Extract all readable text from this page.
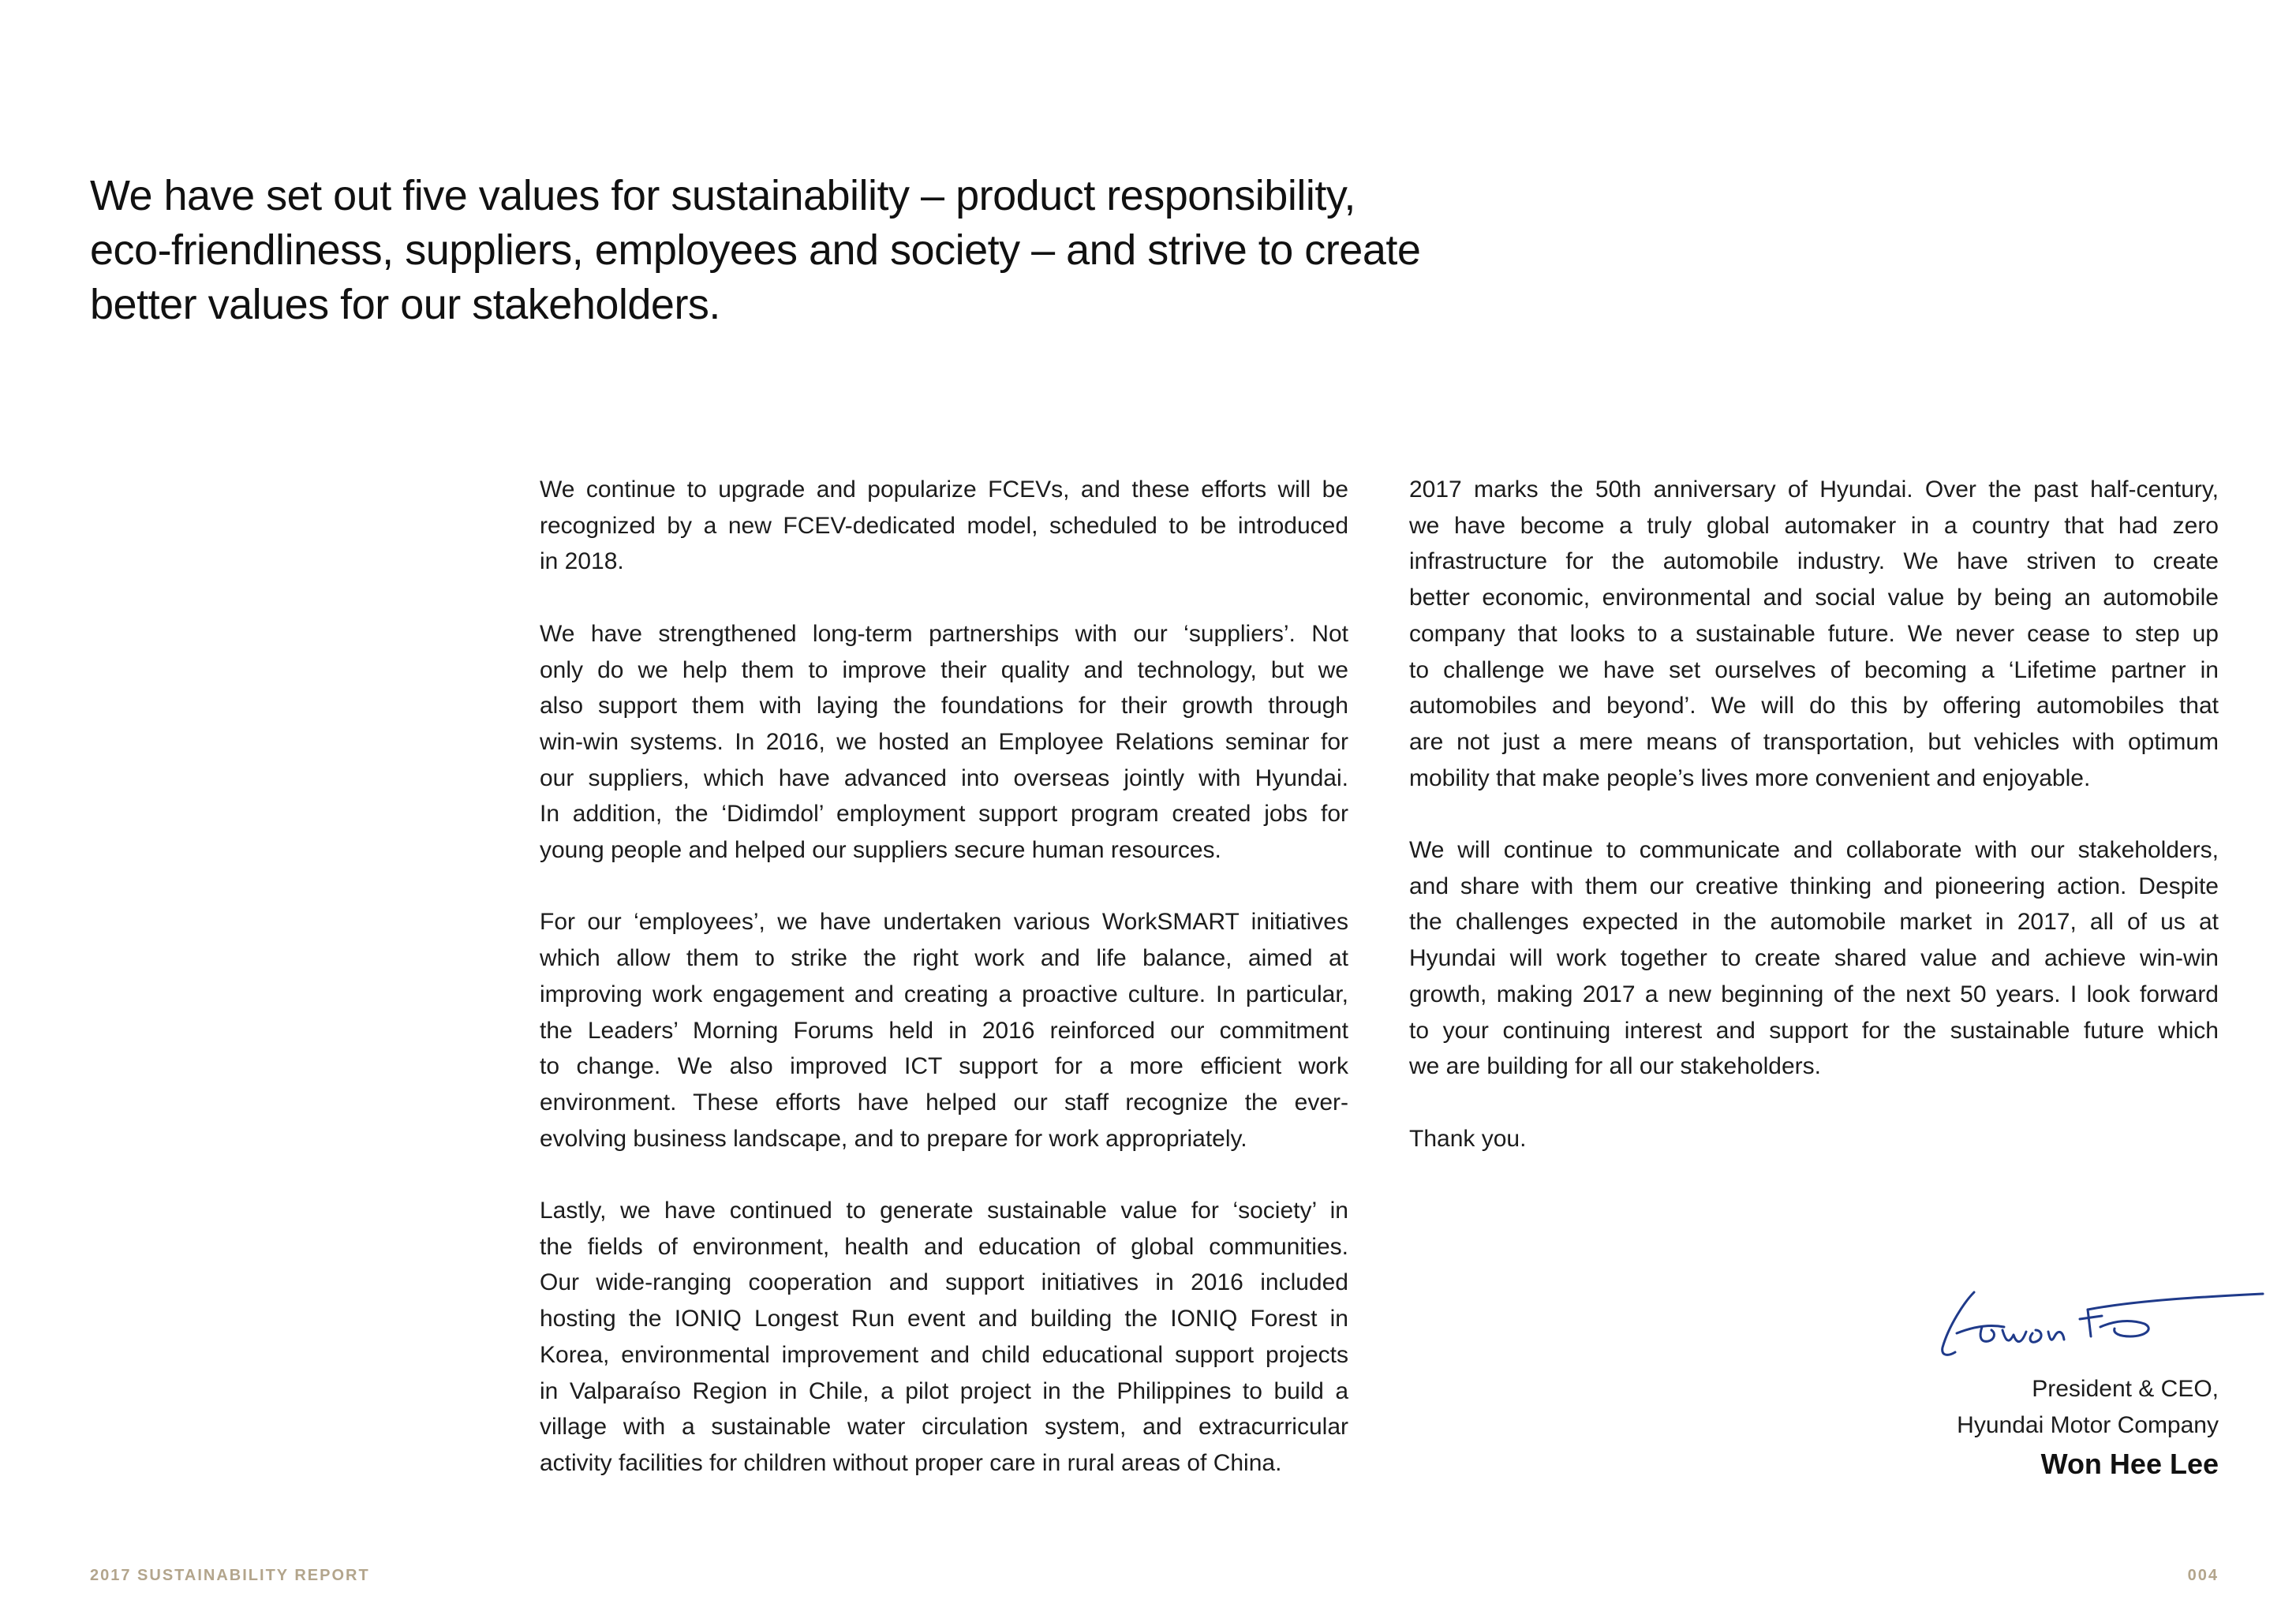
We have set out five values for sustainability – product responsibility,
eco-friendliness, suppliers, employees and society – and strive to create
better values for our stakeholders.

We continue to upgrade and popularize FCEVs, and these efforts will be
recognized by a new FCEV-dedicated model, scheduled to be introduced
in 2018.

We have strengthened long-term partnerships with our ‘suppliers’. Not
only do we help them to improve their quality and technology, but we
also support them with laying the foundations for their growth through
win-win systems. In 2016, we hosted an Employee Relations seminar for
our suppliers, which have advanced into overseas jointly with Hyundai.
In addition, the ‘Didimdol’ employment support program created jobs for
young people and helped our suppliers secure human resources.

For our ‘employees’, we have undertaken various WorkSMART initiatives
which allow them to strike the right work and life balance, aimed at
improving work engagement and creating a proactive culture. In particular,
the Leaders’ Morning Forums held in 2016 reinforced our commitment
to change. We also improved ICT support for a more efficient work
environment. These efforts have helped our staff recognize the ever-
evolving business landscape, and to prepare for work appropriately.

Lastly, we have continued to generate sustainable value for ‘society’ in
the fields of environment, health and education of global communities.
Our wide-ranging cooperation and support initiatives in 2016 included
hosting the IONIQ Longest Run event and building the IONIQ Forest in
Korea, environmental improvement and child educational support projects
in Valparaíso Region in Chile, a pilot project in the Philippines to build a
village with a sustainable water circulation system, and extracurricular
activity facilities for children without proper care in rural areas of China.

2017 marks the 50th anniversary of Hyundai. Over the past half-century,
we have become a truly global automaker in a country that had zero
infrastructure for the automobile industry. We have striven to create
better economic, environmental and social value by being an automobile
company that looks to a sustainable future. We never cease to step up
to challenge we have set ourselves of becoming a ‘Lifetime partner in
automobiles and beyond’. We will do this by offering automobiles that
are not just a mere means of transportation, but vehicles with optimum
mobility that make people’s lives more convenient and enjoyable.

We will continue to communicate and collaborate with our stakeholders,
and share with them our creative thinking and pioneering action. Despite
the challenges expected in the automobile market in 2017, all of us at
Hyundai will work together to create shared value and achieve win-win
growth, making 2017 a new beginning of the next 50 years. I look forward
to your continuing interest and support for the sustainable future which
we are building for all our stakeholders.

Thank you.

President & CEO,
Hyundai Motor Company
Won Hee Lee
2017 SUSTAINABILITY REPORT	004
